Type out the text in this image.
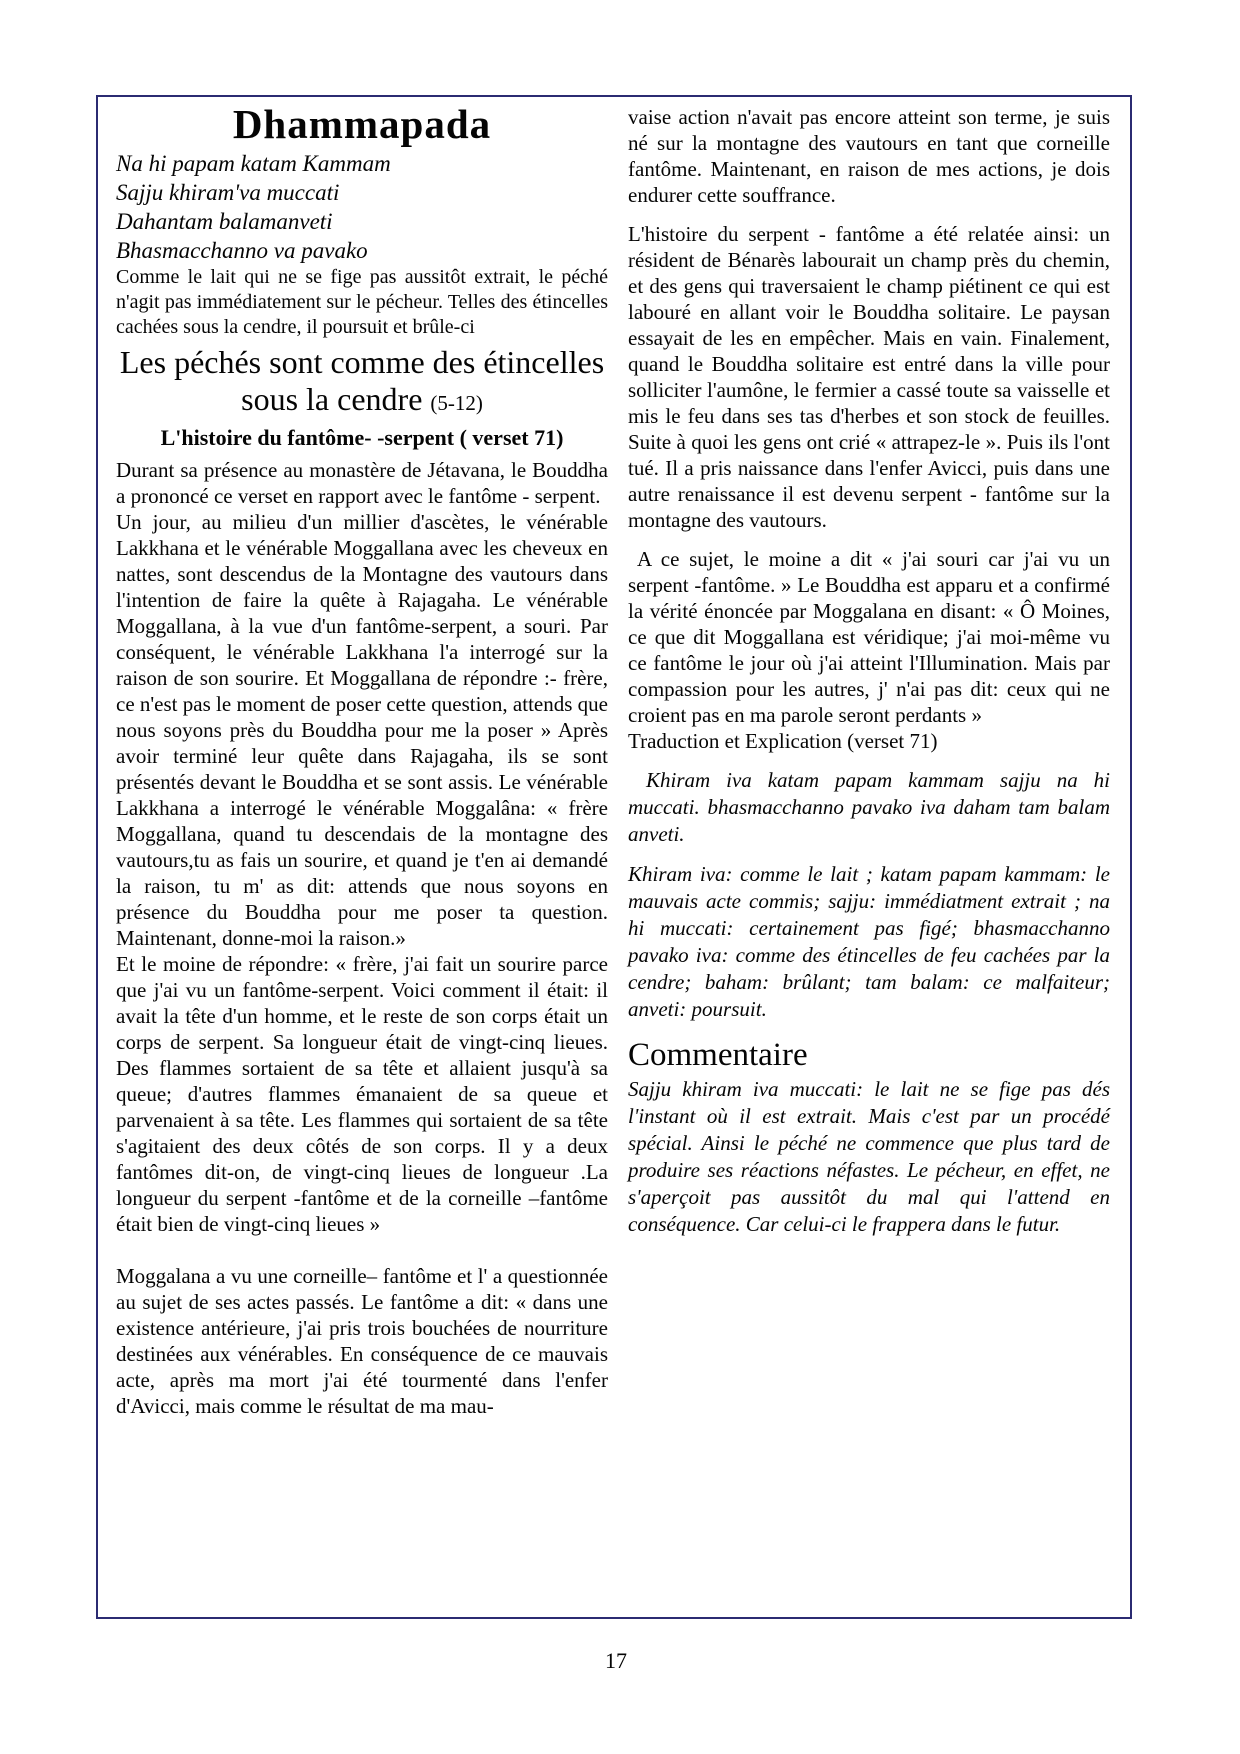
Dhammapada
Na hi papam katam Kammam
Sajju khiram'va muccati
Dahantam balamanveti
Bhasmacchanno va pavako
Comme le lait qui ne se fige pas aussitôt extrait, le péché n'agit pas immédiatement sur le pécheur. Telles des étincelles cachées sous la cendre, il poursuit et brûle-ci
Les péchés sont comme des étincelles sous la cendre (5-12)
L'histoire du fantôme- -serpent ( verset 71)

Durant sa présence au monastère de Jétavana, le Bouddha a prononcé ce verset en rapport avec le fantôme - serpent.

Un jour, au milieu d'un millier d'ascètes, le vénérable Lakkhana et le vénérable Moggallana avec les cheveux en nattes, sont descendus de la Montagne des vautours dans l'intention de faire la quête à Rajagaha. Le vénérable Moggallana, à la vue d'un fantôme-serpent, a souri. Par conséquent, le vénérable Lakkhana l'a interrogé sur la raison de son sourire. Et Moggallana de répondre :- frère, ce n'est pas le moment de poser cette question, attends que nous soyons près du Bouddha pour me la poser » Après avoir terminé leur quête dans Rajagaha, ils se sont présentés devant le Bouddha et se sont assis. Le vénérable Lakkhana a interrogé le vénérable Moggalâna: « frère Moggallana, quand tu descendais de la montagne des vautours,tu as fais un sourire, et quand je t'en ai demandé la raison, tu m' as dit: attends que nous soyons en présence du Bouddha pour me poser ta question. Maintenant, donne-moi la raison.»

Et le moine de répondre: « frère, j'ai fait un sourire parce que j'ai vu un fantôme-serpent. Voici comment il était: il avait la tête d'un homme, et le reste de son corps était un corps de serpent. Sa longueur était de vingt-cinq lieues. Des flammes sortaient de sa tête et allaient jusqu'à sa queue; d'autres flammes émanaient de sa queue et parvenaient à sa tête. Les flammes qui sortaient de sa tête s'agitaient des deux côtés de son corps. Il y a deux fantômes dit-on, de vingt-cinq lieues de longueur .La longueur du serpent -fantôme et de la corneille –fantôme était bien de vingt-cinq lieues »

Moggalana a vu une corneille– fantôme et l' a questionnée au sujet de ses actes passés. Le fantôme a dit: « dans une existence antérieure, j'ai pris trois bouchées de nourriture destinées aux vénérables. En conséquence de ce mauvais acte, après ma mort j'ai été tourmenté dans l'enfer d'Avicci, mais comme le résultat de ma mau-

vaise action n'avait pas encore atteint son terme, je suis né sur la montagne des vautours en tant que corneille fantôme. Maintenant, en raison de mes actions, je dois endurer cette souffrance.

L'histoire du serpent - fantôme a été relatée ainsi: un résident de Bénarès labourait un champ près du chemin, et des gens qui traversaient le champ piétinent ce qui est labouré en allant voir le Bouddha solitaire. Le paysan essayait de les en empêcher. Mais en vain. Finalement, quand le Bouddha solitaire est entré dans la ville pour solliciter l'aumône, le fermier a cassé toute sa vaisselle et mis le feu dans ses tas d'herbes et son stock de feuilles. Suite à quoi les gens ont crié « attrapez-le ». Puis ils l'ont tué. Il a pris naissance dans l'enfer Avicci, puis dans une autre renaissance il est devenu serpent - fantôme sur la montagne des vautours.

A ce sujet, le moine a dit « j'ai souri car j'ai vu un serpent -fantôme. » Le Bouddha est apparu et a confirmé la vérité énoncée par Moggalana en disant: « Ô Moines, ce que dit Moggallana est véridique; j'ai moi-même vu ce fantôme le jour où j'ai atteint l'Illumination. Mais par compassion pour les autres, j' n'ai pas dit: ceux qui ne croient pas en ma parole seront perdants »

Traduction et Explication (verset 71)

Khiram iva katam papam kammam sajju na hi muccati. bhasmacchanno pavako iva daham tam balam anveti.

Khiram iva: comme le lait ; katam papam kammam: le mauvais acte commis; sajju: immédiatment extrait ; na hi muccati: certainement pas figé; bhasmacchanno pavako iva: comme des étincelles de feu cachées par la cendre; baham: brûlant; tam balam: ce malfaiteur; anveti: poursuit.

Commentaire

Sajju khiram iva muccati: le lait ne se fige pas dés l'instant où il est extrait. Mais c'est par un procédé spécial. Ainsi le péché ne commence que plus tard de produire ses réactions néfastes. Le pécheur, en effet, ne s'aperçoit pas aussitôt du mal qui l'attend en conséquence. Car celui-ci le frappera dans le futur.

17
